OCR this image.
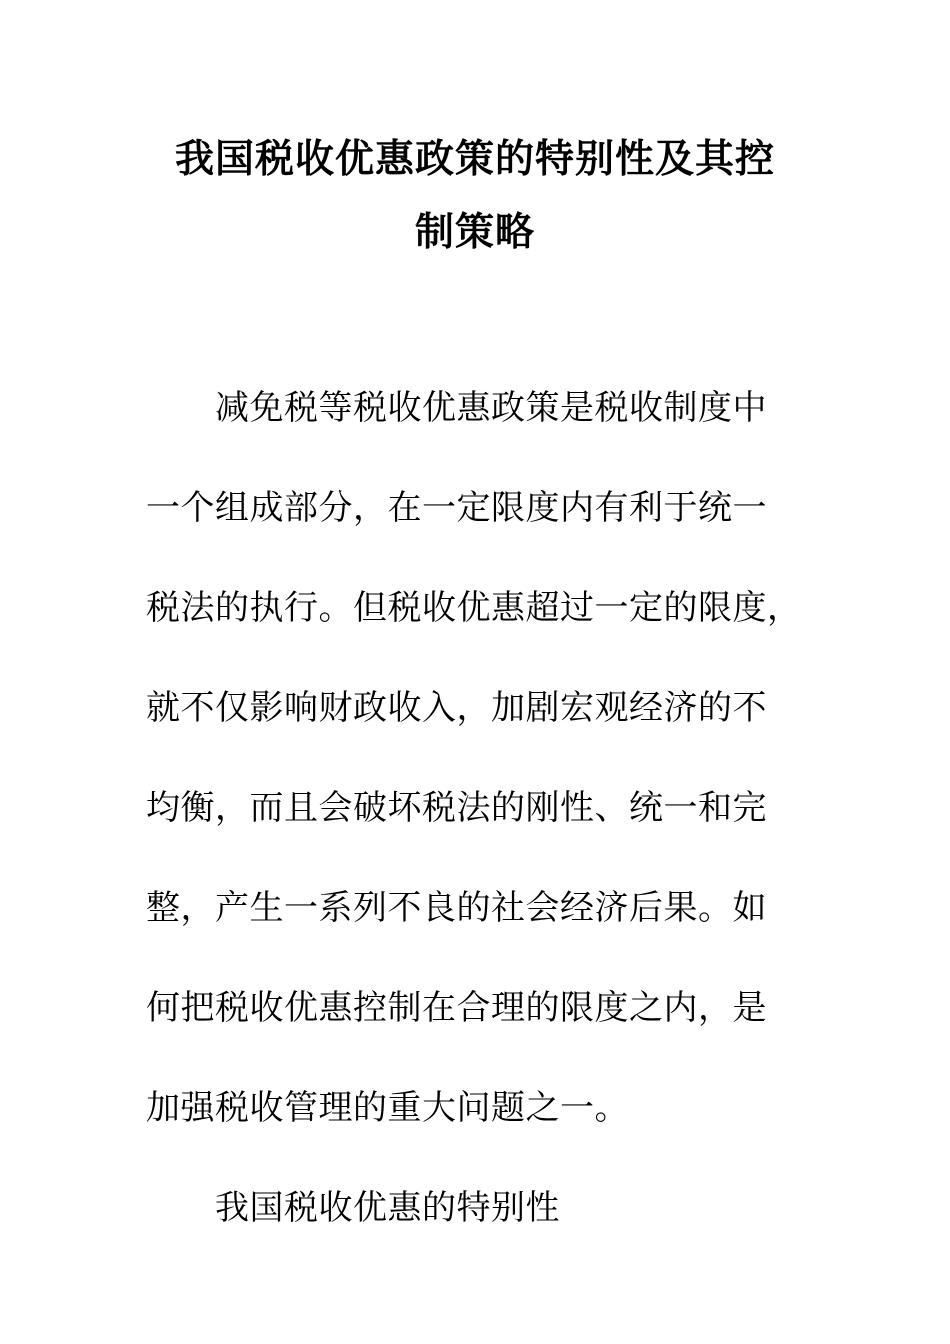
我国税收优惠政策的特别性及其控
制策略
减免税等税收优惠政策是税收制度中
一个组成部分，在一定限度内有利于统一
税法的执行。但税收优惠超过一定的限度，
就不仅影响财政收入，加剧宏观经济的不
均衡，而且会破坏税法的刚性、统一和完
整，产生一系列不良的社会经济后果。如
何把税收优惠控制在合理的限度之内，是
加强税收管理的重大问题之一。
我国税收优惠的特别性
